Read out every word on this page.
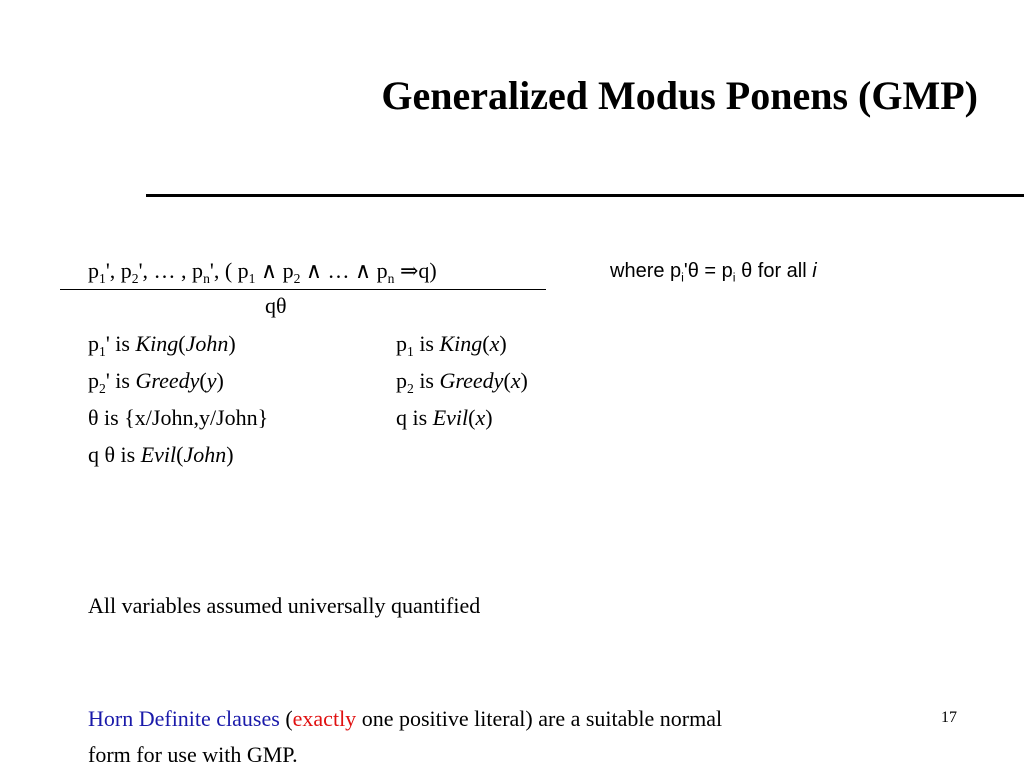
Generalized Modus Ponens (GMP)
$p_1'$, $p_2'$, … , $p_n'$, ( $p_1$ ∧ $p_2$ ∧ … ∧ $p_n$ ⇒q)
qθ
where $p_i'\theta = p_i$ θ for all i
$p_1'$ is King(John)
$p_2'$ is Greedy(y)
θ is {x/John,y/John}
q θ is Evil(John)
$p_1$ is King(x)
$p_2$ is Greedy(x)
q is Evil(x)
All variables assumed universally quantified
Horn Definite clauses (exactly one positive literal) are a suitable normal
form for use with GMP.
17
